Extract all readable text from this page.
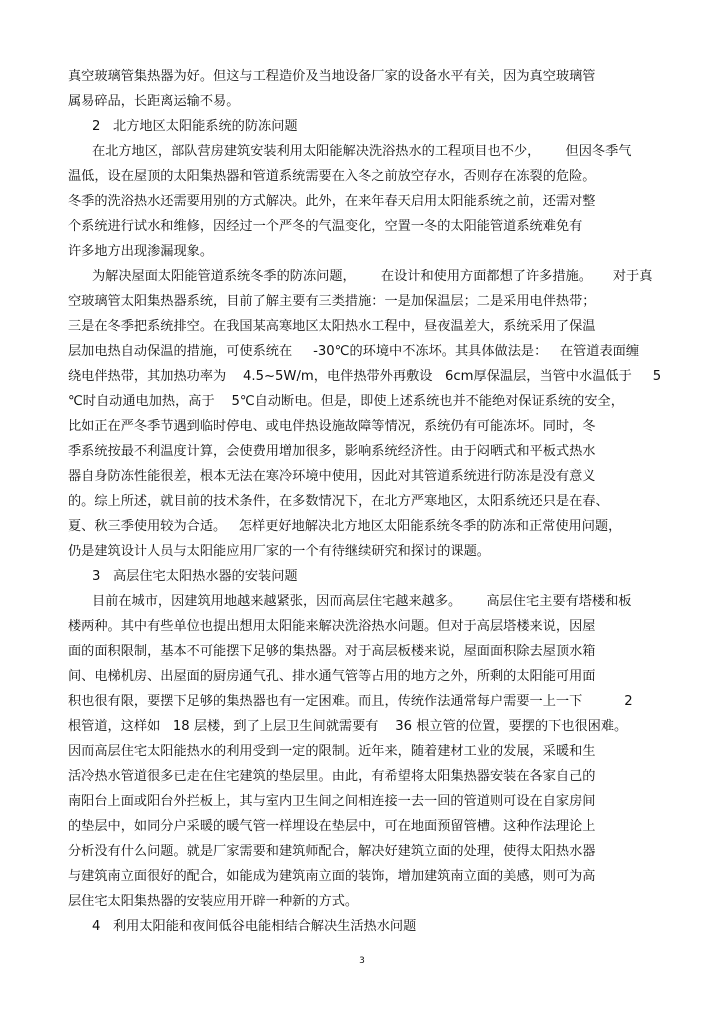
真空玻璃管集热器为好。但这与工程造价及当地设备厂家的设备水平有关，因为真空玻璃管
属易碎品，长距离运输不易。
2   北方地区太阳能系统的防冻问题
在北方地区，部队营房建筑安装利用太阳能解决洗浴热水的工程项目也不少，      但因冬季气
温低，设在屋顶的太阳集热器和管道系统需要在入冬之前放空存水，否则存在冻裂的危险。
冬季的洗浴热水还需要用别的方式解决。此外，在来年春天启用太阳能系统之前，还需对整
个系统进行试水和维修，因经过一个严冬的气温变化，空置一冬的太阳能管道系统难免有
许多地方出现渗漏现象。
为解决屋面太阳能管道系统冬季的防冻问题，      在设计和使用方面都想了许多措施。     对于真
空玻璃管太阳集热器系统，目前了解主要有三类措施：一是加保温层；二是采用电伴热带；
三是在冬季把系统排空。在我国某高寒地区太阳热水工程中，昼夜温差大，系统采用了保温
层加电热自动保温的措施，可使系统在     -30℃的环境中不冻坏。其具体做法是：   在管道表面缠
绕电伴热带，其加热功率为    4.5~5W/m，电伴热带外再敷设   6cm厚保温层，当管中水温低于     5
℃时自动通电加热，高于    5℃自动断电。但是，即使上述系统也并不能绝对保证系统的安全，
比如正在严冬季节遇到临时停电、或电伴热设施故障等情况，系统仍有可能冻坏。同时，冬
季系统按最不利温度计算，会使费用增加很多，影响系统经济性。由于闷晒式和平板式热水
器自身防冻性能很差，根本无法在寒冷环境中使用，因此对其管道系统进行防冻是没有意义
的。综上所述，就目前的技术条件，在多数情况下，在北方严寒地区，太阳系统还只是在春、
夏、秋三季使用较为合适。   怎样更好地解决北方地区太阳能系统冬季的防冻和正常使用问题，
仍是建筑设计人员与太阳能应用厂家的一个有待继续研究和探讨的课题。
3   高层住宅太阳热水器的安装问题
目前在城市，因建筑用地越来越紧张，因而高层住宅越来越多。      高层住宅主要有塔楼和板
楼两种。其中有些单位也提出想用太阳能来解决洗浴热水问题。但对于高层塔楼来说，因屋
面的面积限制，基本不可能摆下足够的集热器。对于高层板楼来说，屋面面积除去屋顶水箱
间、电梯机房、出屋面的厨房通气孔、排水通气管等占用的地方之外，所剩的太阳能可用面
积也很有限，要摆下足够的集热器也有一定困难。而且，传统作法通常每户需要一上一下          2
根管道，这样如   18 层楼，到了上层卫生间就需要有    36 根立管的位置，要摆的下也很困难。
因而高层住宅太阳能热水的利用受到一定的限制。近年来，随着建材工业的发展，采暖和生
活冷热水管道很多已走在住宅建筑的垫层里。由此，有希望将太阳集热器安装在各家自己的
南阳台上面或阳台外拦板上，其与室内卫生间之间相连接一去一回的管道则可设在自家房间
的垫层中，如同分户采暖的暖气管一样埋设在垫层中，可在地面预留管槽。这种作法理论上
分析没有什么问题。就是厂家需要和建筑师配合，解决好建筑立面的处理，使得太阳热水器
与建筑南立面很好的配合，如能成为建筑南立面的装饰，增加建筑南立面的美感，则可为高
层住宅太阳集热器的安装应用开辟一种新的方式。
4   利用太阳能和夜间低谷电能相结合解决生活热水问题
3
